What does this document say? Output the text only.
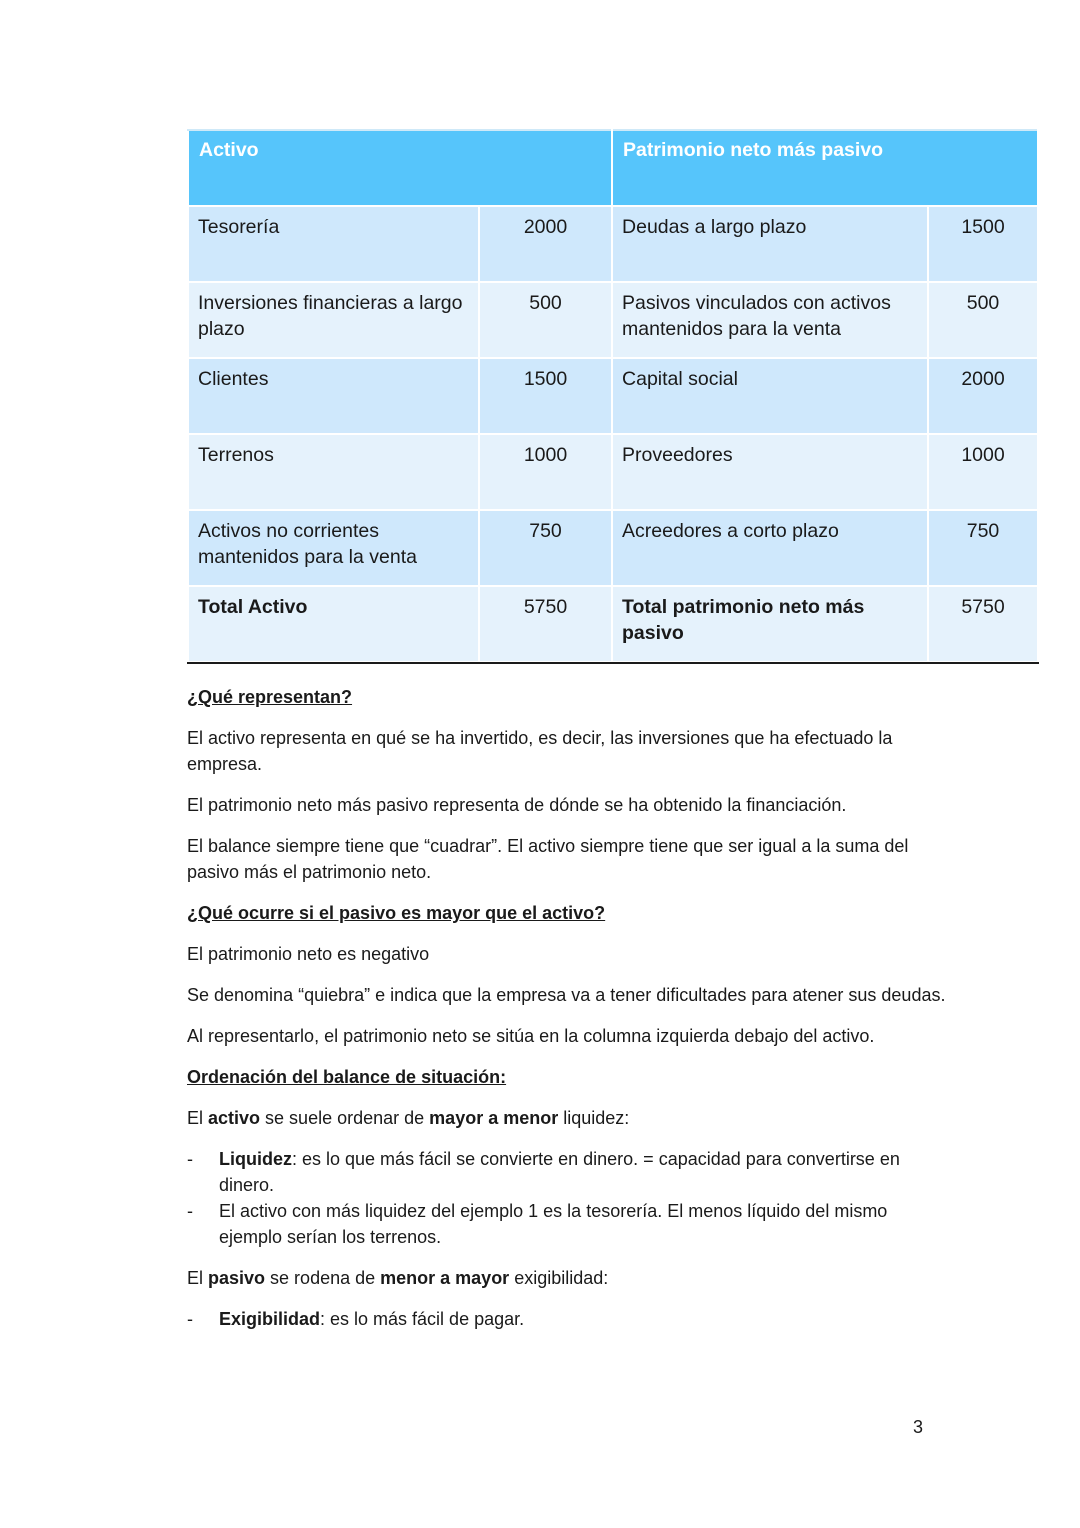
Activo		Patrimonio neto más pasivo	
Tesorería	2000	Deudas a largo plazo	1500
Inversiones financieras a largo plazo	500	Pasivos vinculados con activos mantenidos para la venta	500
Clientes	1500	Capital social	2000
Terrenos	1000	Proveedores	1000
Activos no corrientes mantenidos para la venta	750	Acreedores a corto plazo	750
Total Activo	5750	Total patrimonio neto más pasivo	5750

¿Qué representan?

El activo representa en qué se ha invertido, es decir, las inversiones que ha efectuado la empresa.

El patrimonio neto más pasivo representa de dónde se ha obtenido la financiación.

El balance siempre tiene que “cuadrar”. El activo siempre tiene que ser igual a la suma del pasivo más el patrimonio neto.

¿Qué ocurre si el pasivo es mayor que el activo?

El patrimonio neto es negativo

Se denomina “quiebra” e indica que la empresa va a tener dificultades para atener sus deudas.

Al representarlo, el patrimonio neto se sitúa en la columna izquierda debajo del activo.

Ordenación del balance de situación:

El activo se suele ordenar de mayor a menor liquidez:

- Liquidez: es lo que más fácil se convierte en dinero. = capacidad para convertirse en dinero.
- El activo con más liquidez del ejemplo 1 es la tesorería. El menos líquido del mismo ejemplo serían los terrenos.

El pasivo se rodena de menor a mayor exigibilidad:

- Exigibilidad: es lo más fácil de pagar.
3
